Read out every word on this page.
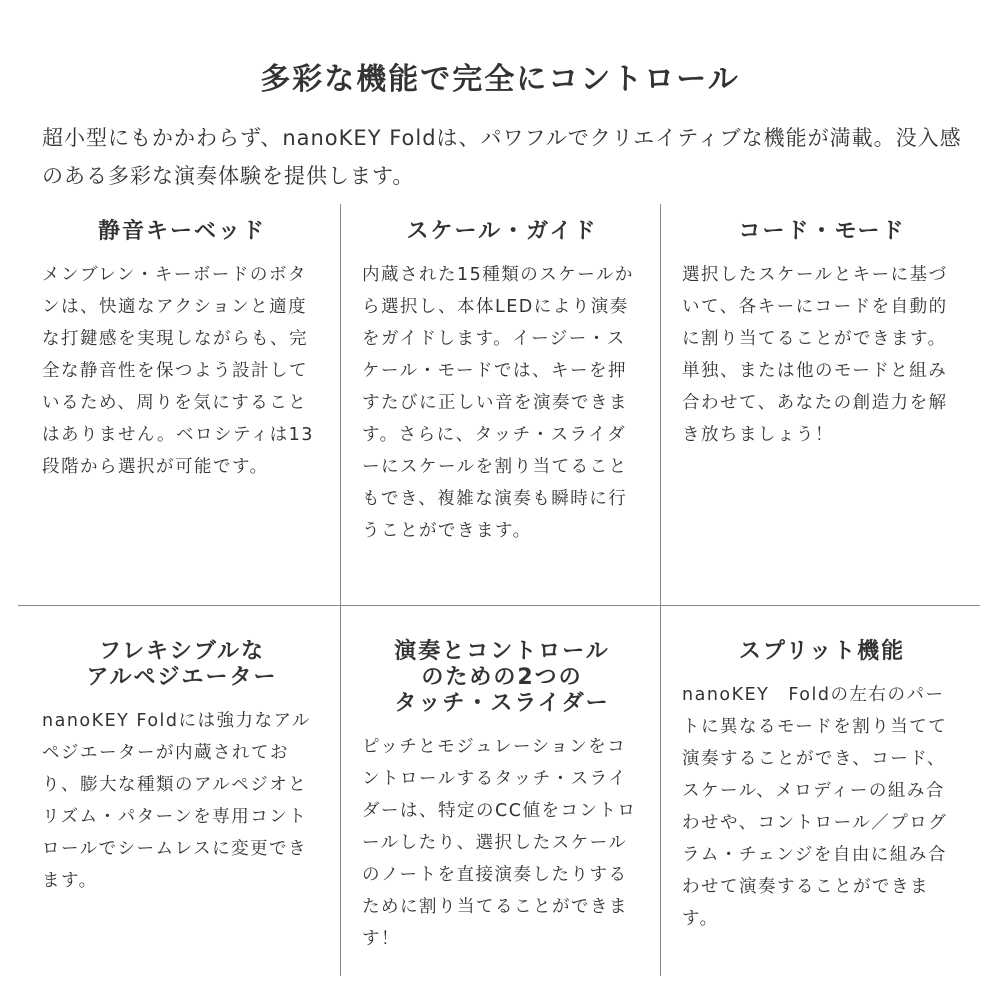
多彩な機能で完全にコントロール

超小型にもかかわらず、nanoKEY Foldは、パワフルでクリエイティブな機能が満載。没入感のある多彩な演奏体験を提供します。

静音キーベッド

メンブレン・キーボードのボタンは、快適なアクションと適度な打鍵感を実現しながらも、完全な静音性を保つよう設計しているため、周りを気にすることはありません。ベロシティは13段階から選択が可能です。

スケール・ガイド

内蔵された15種類のスケールから選択し、本体LEDにより演奏をガイドします。イージー・スケール・モードでは、キーを押すたびに正しい音を演奏できます。さらに、タッチ・スライダーにスケールを割り当てることもでき、複雑な演奏も瞬時に行うことができます。

コード・モード

選択したスケールとキーに基づいて、各キーにコードを自動的に割り当てることができます。単独、または他のモードと組み合わせて、あなたの創造力を解き放ちましょう！

フレキシブルな
アルペジエーター

nanoKEY Foldには強力なアルペジエーターが内蔵されており、膨大な種類のアルペジオとリズム・パターンを専用コントロールでシームレスに変更できます。

演奏とコントロール
のための2つの
タッチ・スライダー

ピッチとモジュレーションをコントロールするタッチ・スライダーは、特定のCC値をコントロールしたり、選択したスケールのノートを直接演奏したりするために割り当てることができます！

スプリット機能

nanoKEY　Foldの左右のパートに異なるモードを割り当てて演奏することができ、コード、スケール、メロディーの組み合わせや、コントロール／プログラム・チェンジを自由に組み合わせて演奏することができます。
